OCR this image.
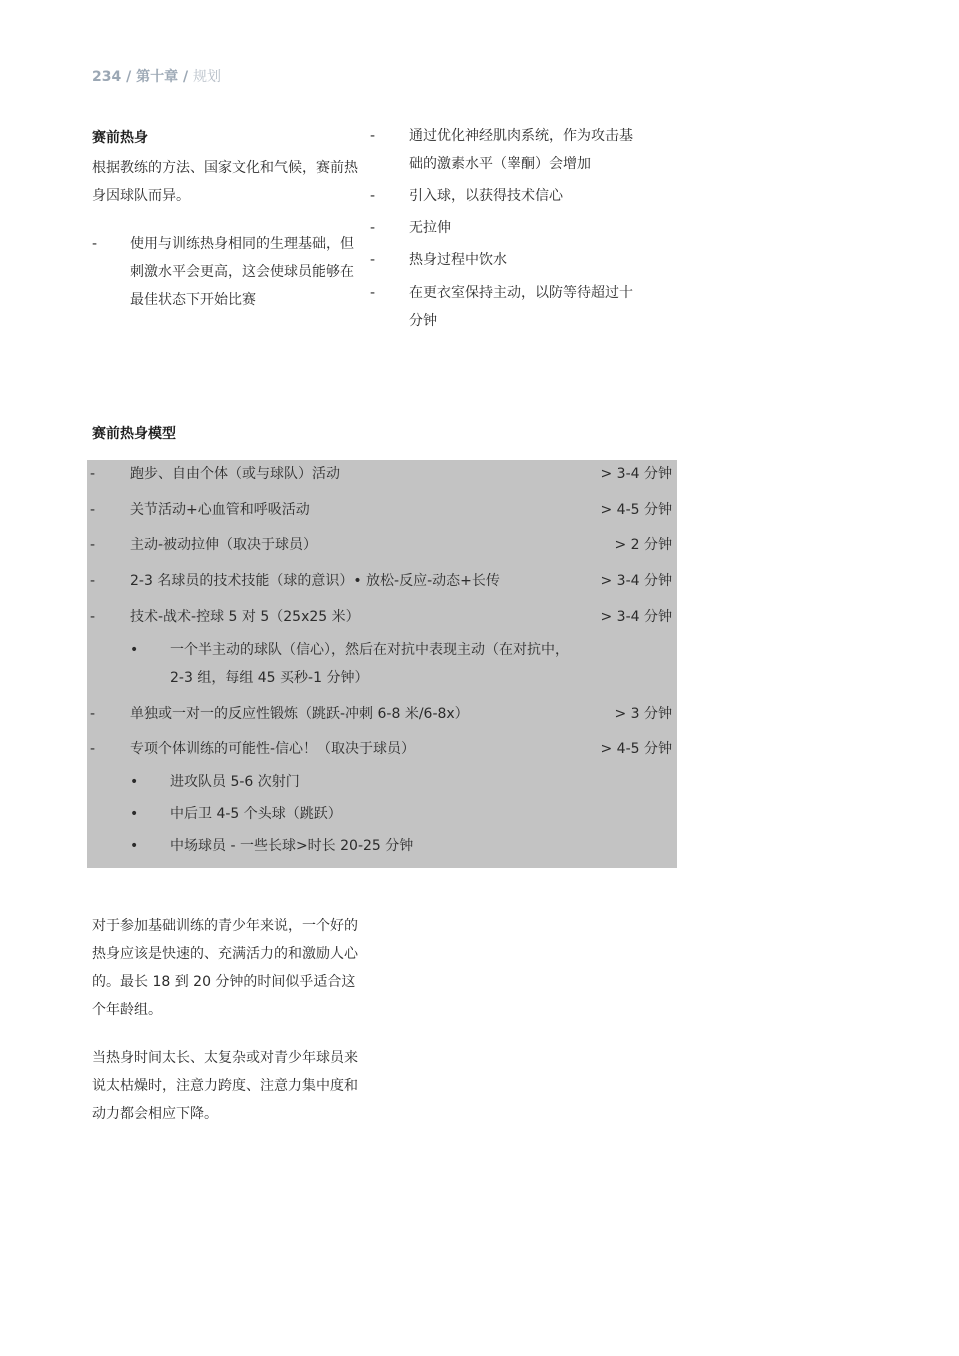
234 / 第十章 / 规划
赛前热身
根据教练的方法、国家文化和气候，赛前热身因球队而异。
- 使用与训练热身相同的生理基础，但刺激水平会更高，这会使球员能够在最佳状态下开始比赛
- 通过优化神经肌肉系统，作为攻击基础的激素水平（睾酮）会增加
- 引入球，以获得技术信心
- 无拉伸
- 热身过程中饮水
- 在更衣室保持主动，以防等待超过十分钟
赛前热身模型
- 跑步、自由个体（或与球队）活动	> 3-4 分钟
- 关节活动+心血管和呼吸活动	> 4-5 分钟
- 主动-被动拉伸（取决于球员）	> 2 分钟
- 2-3 名球员的技术技能（球的意识）• 放松-反应-动态+长传	> 3-4 分钟
- 技术-战术-控球 5 对 5（25x25 米）	> 3-4 分钟
• 一个半主动的球队（信心），然后在对抗中表现主动（在对抗中，2-3 组，每组 45 买秒-1 分钟）
- 单独或一对一的反应性锻炼（跳跃-冲刺 6-8 米/6-8x）	> 3 分钟
- 专项个体训练的可能性-信心！（取决于球员）	> 4-5 分钟
• 进攻队员 5-6 次射门
• 中后卫 4-5 个头球（跳跃）
• 中场球员 - 一些长球>时长 20-25 分钟
对于参加基础训练的青少年来说，一个好的热身应该是快速的、充满活力的和激励人心的。最长 18 到 20 分钟的时间似乎适合这个年龄组。
当热身时间太长、太复杂或对青少年球员来说太枯燥时，注意力跨度、注意力集中度和动力都会相应下降。
